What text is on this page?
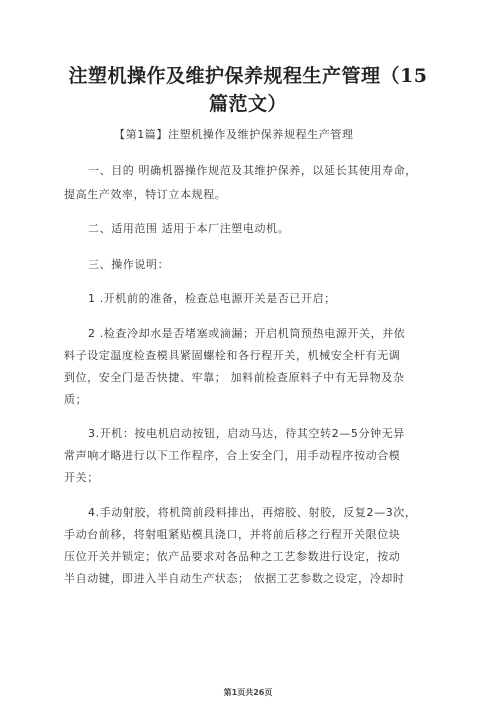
注塑机操作及维护保养规程生产管理（15
篇范文）
【第1篇】注塑机操作及维护保养规程生产管理
一、目的 明确机器操作规范及其维护保养，以延长其使用寿命，
提高生产效率，特订立本规程。
二、适用范围 适用于本厂注塑电动机。
三、操作说明：
1 .开机前的准备，检查总电源开关是否已开启；
2 .检查冷却水是否堵塞或滴漏；开启机筒预热电源开关，并依
料子设定温度检查模具紧固螺栓和各行程开关，机械安全杆有无调
到位，安全门是否快捷、牢靠； 加料前检查原料子中有无异物及杂
质；
3.开机：按电机启动按钮，启动马达，待其空转2—5分钟无异
常声响才略进行以下工作程序，合上安全门，用手动程序按动合模
开关；
4.手动射胶，将机筒前段料排出，再熔胶、射胶，反复2—3次，
手动台前移，将射咀紧贴模具浇口，并将前后移之行程开关限位块
压位开关并锁定；依产品要求对各品种之工艺参数进行设定，按动
半自动键，即进入半自动生产状态； 依据工艺参数之设定，冷却时
第1页共26页
